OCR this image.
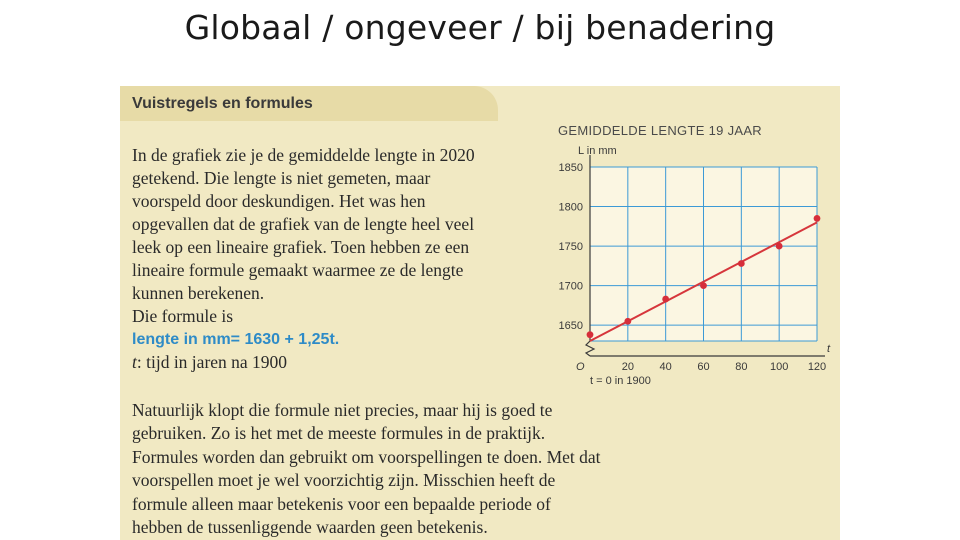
Globaal / ongeveer / bij benadering
Vuistregels en formules
In de grafiek zie je de gemiddelde lengte in 2020
getekend. Die lengte is niet gemeten, maar
voorspeld door deskundigen. Het was hen
opgevallen dat de grafiek van de lengte heel veel
leek op een lineaire grafiek. Toen hebben ze een
lineaire formule gemaakt waarmee ze de lengte
kunnen berekenen.
Die formule is
lengte in mm= 1630 + 1,25t.
t: tijd in jaren na 1900
Natuurlijk klopt die formule niet precies, maar hij is goed te
gebruiken. Zo is het met de meeste formules in de praktijk.
Formules worden dan gebruikt om voorspellingen te doen. Met dat
voorspellen moet je wel voorzichtig zijn. Misschien heeft de
formule alleen maar betekenis voor een bepaalde periode of
hebben de tussenliggende waarden geen betekenis.
GEMIDDELDE LENGTE 19 JAAR
1650
1700
1750
1800
1850
20 40 60 80 100 120
O
t
L in mm
t = 0 in 1900
